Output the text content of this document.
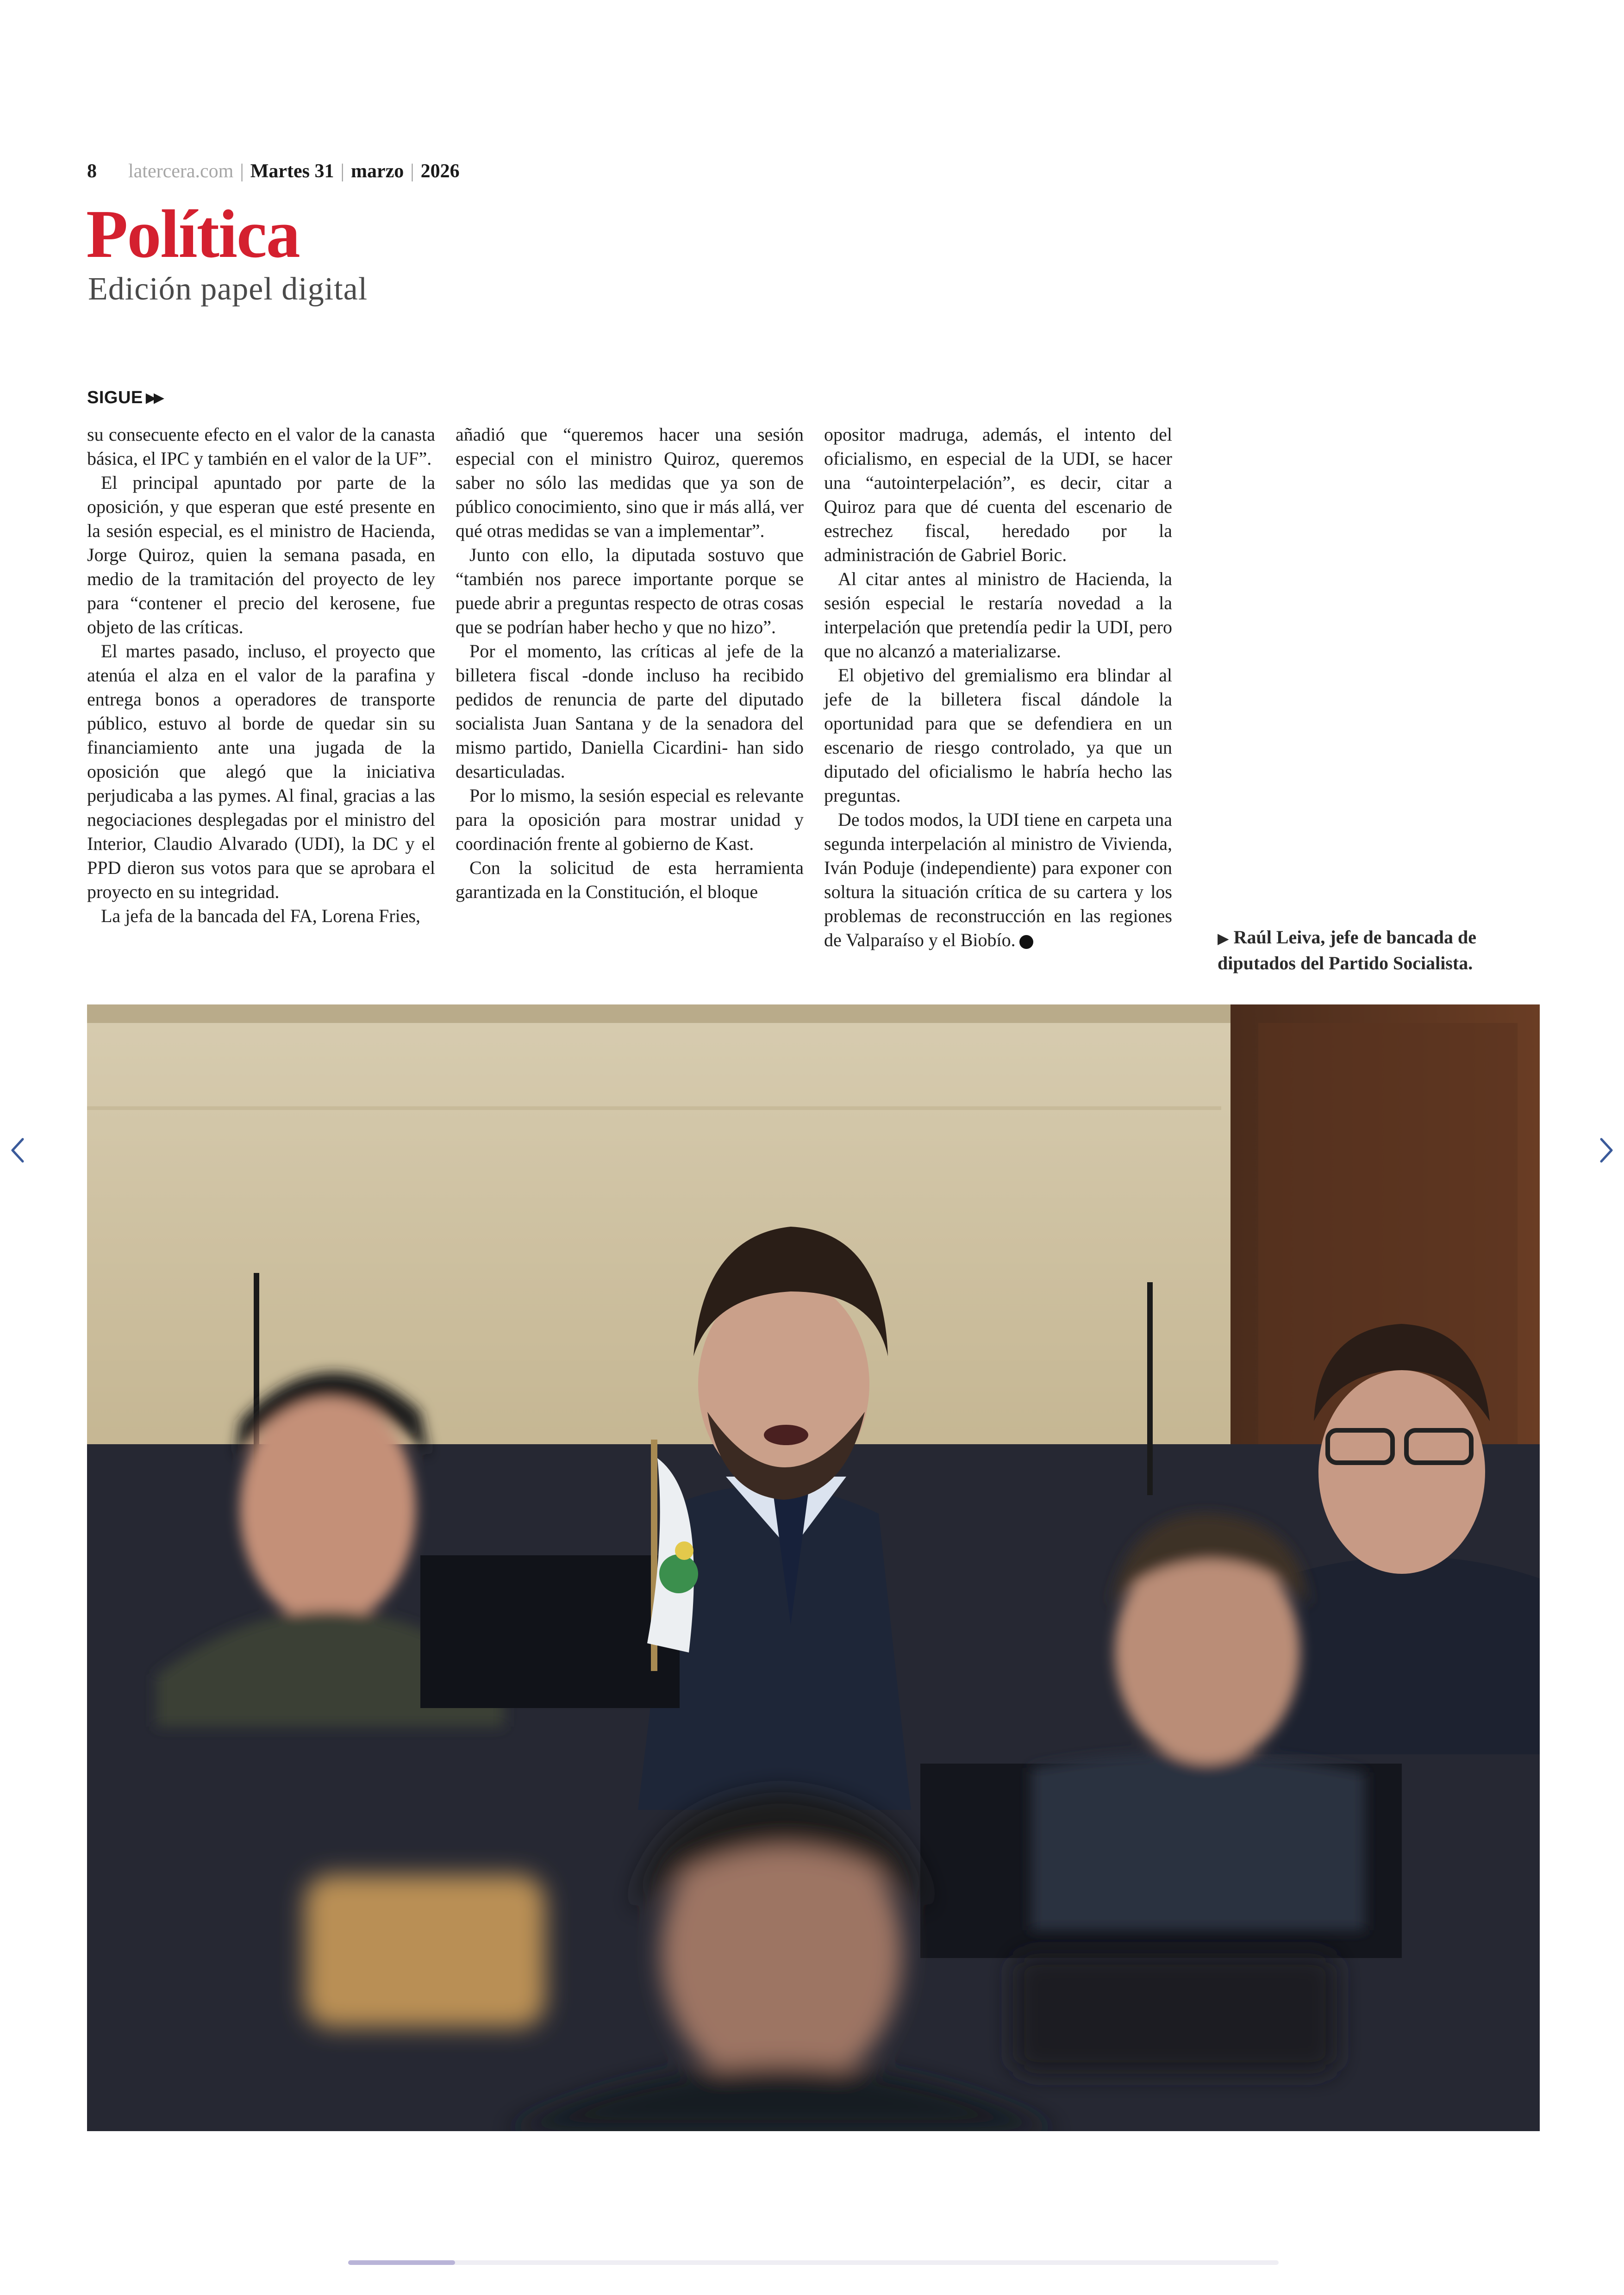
8 latercera.com | Martes 31 | marzo | 2026
Política
Edición papel digital
SIGUE ▶▶

su consecuente efecto en el valor de la canasta básica, el IPC y también en el valor de la UF”.

El principal apuntado por parte de la oposición, y que esperan que esté presente en la sesión especial, es el ministro de Hacienda, Jorge Quiroz, quien la semana pasada, en medio de la tramitación del proyecto de ley para “contener el precio del kerosene, fue objeto de las críticas.

El martes pasado, incluso, el proyecto que atenúa el alza en el valor de la parafina y entrega bonos a operadores de transporte público, estuvo al borde de quedar sin su financiamiento ante una jugada de la oposición que alegó que la iniciativa perjudicaba a las pymes. Al final, gracias a las negociaciones desplegadas por el ministro del Interior, Claudio Alvarado (UDI), la DC y el PPD dieron sus votos para que se aprobara el proyecto en su integridad.

La jefa de la bancada del FA, Lorena Fries,

añadió que “queremos hacer una sesión especial con el ministro Quiroz, queremos saber no sólo las medidas que ya son de público conocimiento, sino que ir más allá, ver qué otras medidas se van a implementar”.

Junto con ello, la diputada sostuvo que “también nos parece importante porque se puede abrir a preguntas respecto de otras cosas que se podrían haber hecho y que no hizo”.

Por el momento, las críticas al jefe de la billetera fiscal -donde incluso ha recibido pedidos de renuncia de parte del diputado socialista Juan Santana y de la senadora del mismo partido, Daniella Cicardini- han sido desarticuladas.

Por lo mismo, la sesión especial es relevante para la oposición para mostrar unidad y coordinación frente al gobierno de Kast.

Con la solicitud de esta herramienta garantizada en la Constitución, el bloque

opositor madruga, además, el intento del oficialismo, en especial de la UDI, se hacer una “autointerpelación”, es decir, citar a Quiroz para que dé cuenta del escenario de estrechez fiscal, heredado por la administración de Gabriel Boric.

Al citar antes al ministro de Hacienda, la sesión especial le restaría novedad a la interpelación que pretendía pedir la UDI, pero que no alcanzó a materializarse.

El objetivo del gremialismo era blindar al jefe de la billetera fiscal dándole la oportunidad para que se defendiera en un escenario de riesgo controlado, ya que un diputado del oficialismo le habría hecho las preguntas.

De todos modos, la UDI tiene en carpeta una segunda interpelación al ministro de Vivienda, Iván Poduje (independiente) para exponer con soltura la situación crítica de su cartera y los problemas de reconstrucción en las regiones de Valparaíso y el Biobío.	▶ Raúl Leiva, jefe de bancada de diputados del Partido Socialista.
